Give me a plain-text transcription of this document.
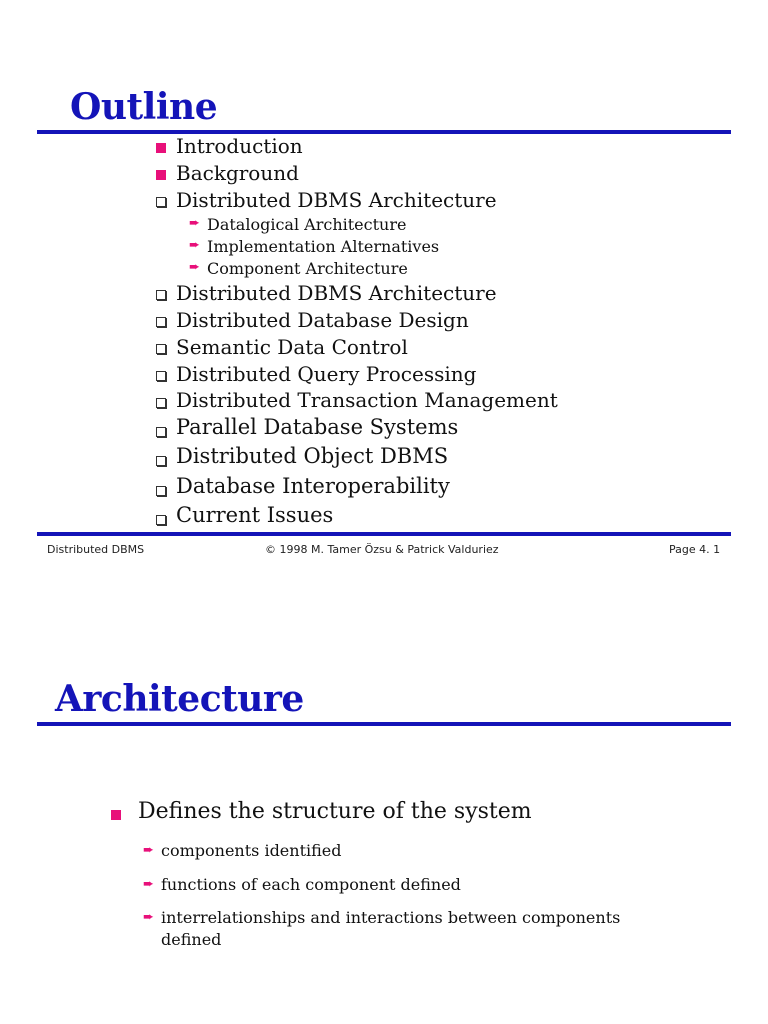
Outline
Introduction
Background
Distributed DBMS Architecture
➨ Datalogical Architecture
➨ Implementation Alternatives
➨ Component Architecture
Distributed DBMS Architecture
Distributed Database Design
Semantic Data Control
Distributed Query Processing
Distributed Transaction Management
Parallel Database Systems
Distributed Object DBMS
Database Interoperability
Current Issues
Distributed DBMS	© 1998 M. Tamer Özsu & Patrick Valduriez	Page 4. 1
Architecture
Defines the structure of the system
➨ components identified
➨ functions of each component defined
➨ interrelationships and interactions between components
defined
